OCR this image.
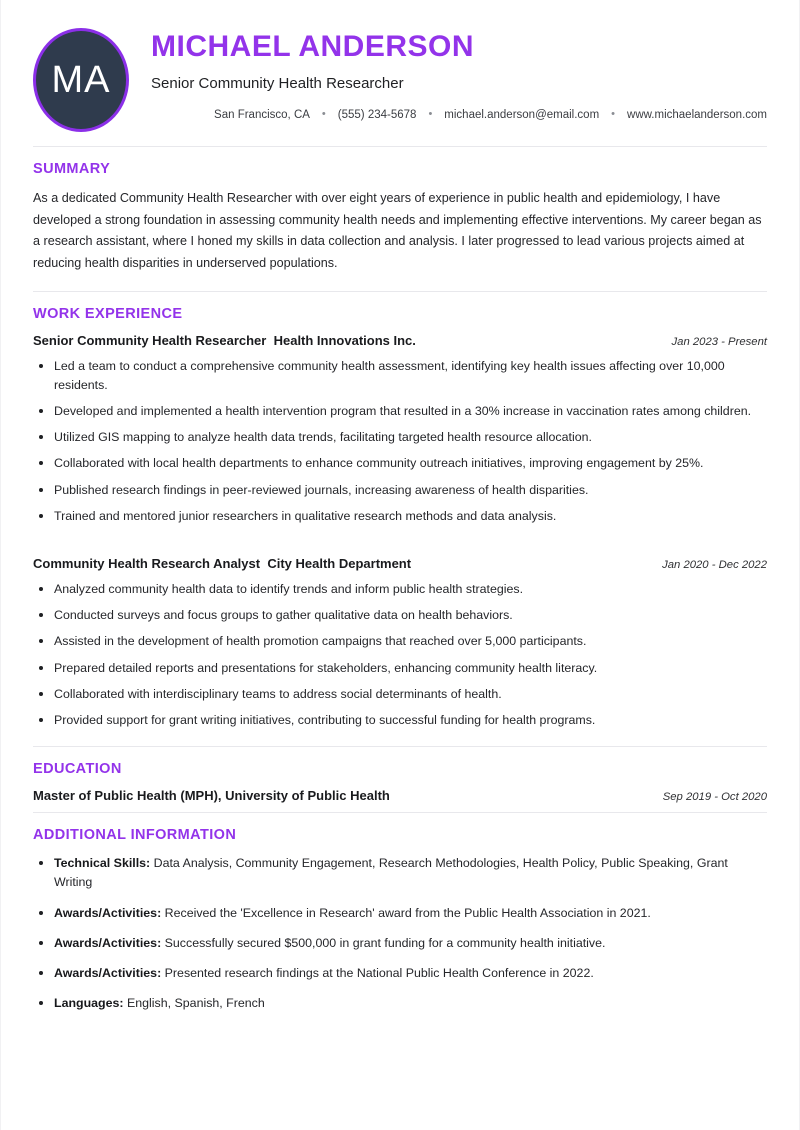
MA
MICHAEL ANDERSON
Senior Community Health Researcher
San Francisco, CA	•	(555) 234-5678	•	michael.anderson@email.com	•	www.michaelanderson.com
SUMMARY

As a dedicated Community Health Researcher with over eight years of experience in public health and epidemiology, I have developed a strong foundation in assessing community health needs and implementing effective interventions. My career began as a research assistant, where I honed my skills in data collection and analysis. I later progressed to lead various projects aimed at reducing health disparities in underserved populations.

WORK EXPERIENCE
Senior Community Health Researcher Health Innovations Inc.	Jan 2023 - Present
Led a team to conduct a comprehensive community health assessment, identifying key health issues affecting over 10,000 residents.
Developed and implemented a health intervention program that resulted in a 30% increase in vaccination rates among children.
Utilized GIS mapping to analyze health data trends, facilitating targeted health resource allocation.
Collaborated with local health departments to enhance community outreach initiatives, improving engagement by 25%.
Published research findings in peer-reviewed journals, increasing awareness of health disparities.
Trained and mentored junior researchers in qualitative research methods and data analysis.
Community Health Research Analyst City Health Department	Jan 2020 - Dec 2022
Analyzed community health data to identify trends and inform public health strategies.
Conducted surveys and focus groups to gather qualitative data on health behaviors.
Assisted in the development of health promotion campaigns that reached over 5,000 participants.
Prepared detailed reports and presentations for stakeholders, enhancing community health literacy.
Collaborated with interdisciplinary teams to address social determinants of health.
Provided support for grant writing initiatives, contributing to successful funding for health programs.
EDUCATION
Master of Public Health (MPH), University of Public Health	Sep 2019 - Oct 2020
ADDITIONAL INFORMATION
Technical Skills: Data Analysis, Community Engagement, Research Methodologies, Health Policy, Public Speaking, Grant Writing
Awards/Activities: Received the 'Excellence in Research' award from the Public Health Association in 2021.
Awards/Activities: Successfully secured $500,000 in grant funding for a community health initiative.
Awards/Activities: Presented research findings at the National Public Health Conference in 2022.
Languages: English, Spanish, French
